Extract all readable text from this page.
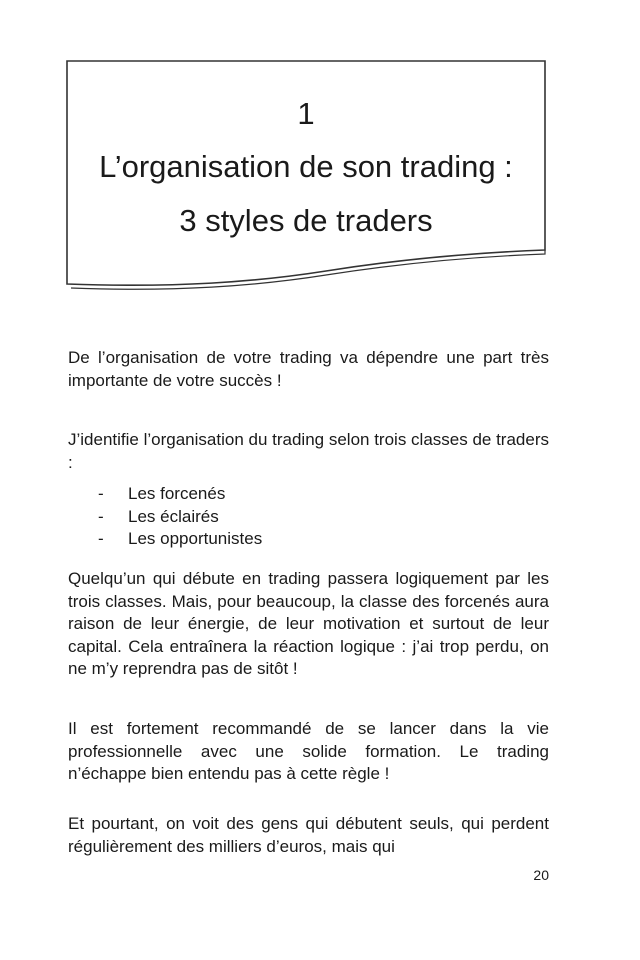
1
L’organisation de son trading :
3 styles de traders

De l’organisation de votre trading va dépendre une part très importante de votre succès !

J’identifie l’organisation du trading selon trois classes de traders :

- Les forcenés
- Les éclairés
- Les opportunistes

Quelqu’un qui débute en trading passera logiquement par les trois classes. Mais, pour beaucoup, la classe des forcenés aura raison de leur énergie, de leur motivation et surtout de leur capital. Cela entraînera la réaction logique : j’ai trop perdu, on ne m’y reprendra pas de sitôt !

Il est fortement recommandé de se lancer dans la vie professionnelle avec une solide formation. Le trading n’échappe bien entendu pas à cette règle !

Et pourtant, on voit des gens qui débutent seuls, qui perdent régulièrement des milliers d’euros, mais qui

20
